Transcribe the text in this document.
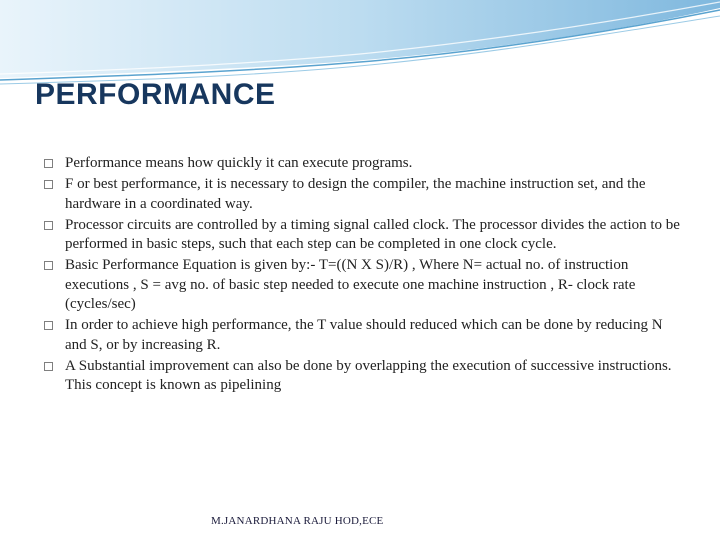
PERFORMANCE
Performance means how quickly it can execute programs.
F or best performance, it is necessary to design the compiler, the machine instruction set, and the hardware in a coordinated way.
Processor circuits are controlled by a timing signal called clock. The processor divides the action to be performed in basic steps, such that each step can be completed in one clock cycle.
Basic Performance Equation is given by:- T=((N X S)/R) , Where N= actual no. of instruction executions , S = avg no. of basic step needed to execute one machine instruction , R- clock rate (cycles/sec)
In order to achieve high performance, the T value should reduced which can be done by reducing N and S, or by increasing R.
A Substantial improvement can also be done by overlapping the execution of successive instructions. This concept is known as pipelining
M.JANARDHANA RAJU HOD,ECE
